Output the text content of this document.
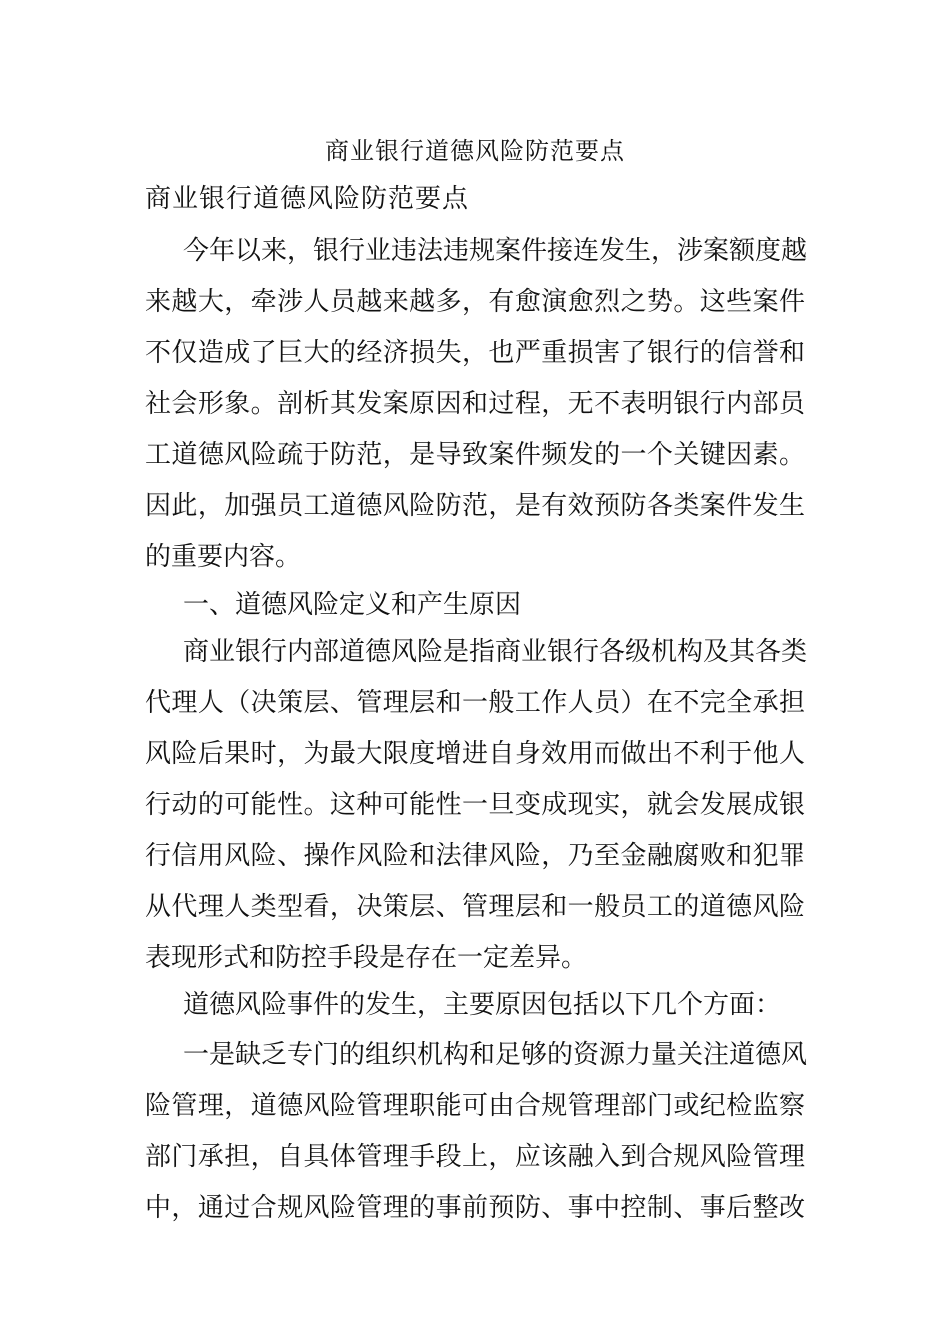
商业银行道德风险防范要点
商业银行道德风险防范要点
今年以来，银行业违法违规案件接连发生，涉案额度越
来越大，牵涉人员越来越多，有愈演愈烈之势。这些案件
不仅造成了巨大的经济损失，也严重损害了银行的信誉和
社会形象。剖析其发案原因和过程，无不表明银行内部员
工道德风险疏于防范，是导致案件频发的一个关键因素。
因此，加强员工道德风险防范，是有效预防各类案件发生
的重要内容。
一、道德风险定义和产生原因
商业银行内部道德风险是指商业银行各级机构及其各类
代理人（决策层、管理层和一般工作人员）在不完全承担
风险后果时，为最大限度增进自身效用而做出不利于他人
行动的可能性。这种可能性一旦变成现实，就会发展成银
行信用风险、操作风险和法律风险，乃至金融腐败和犯罪
从代理人类型看，决策层、管理层和一般员工的道德风险
表现形式和防控手段是存在一定差异。
道德风险事件的发生，主要原因包括以下几个方面：
一是缺乏专门的组织机构和足够的资源力量关注道德风
险管理，道德风险管理职能可由合规管理部门或纪检监察
部门承担，自具体管理手段上，应该融入到合规风险管理
中，通过合规风险管理的事前预防、事中控制、事后整改
